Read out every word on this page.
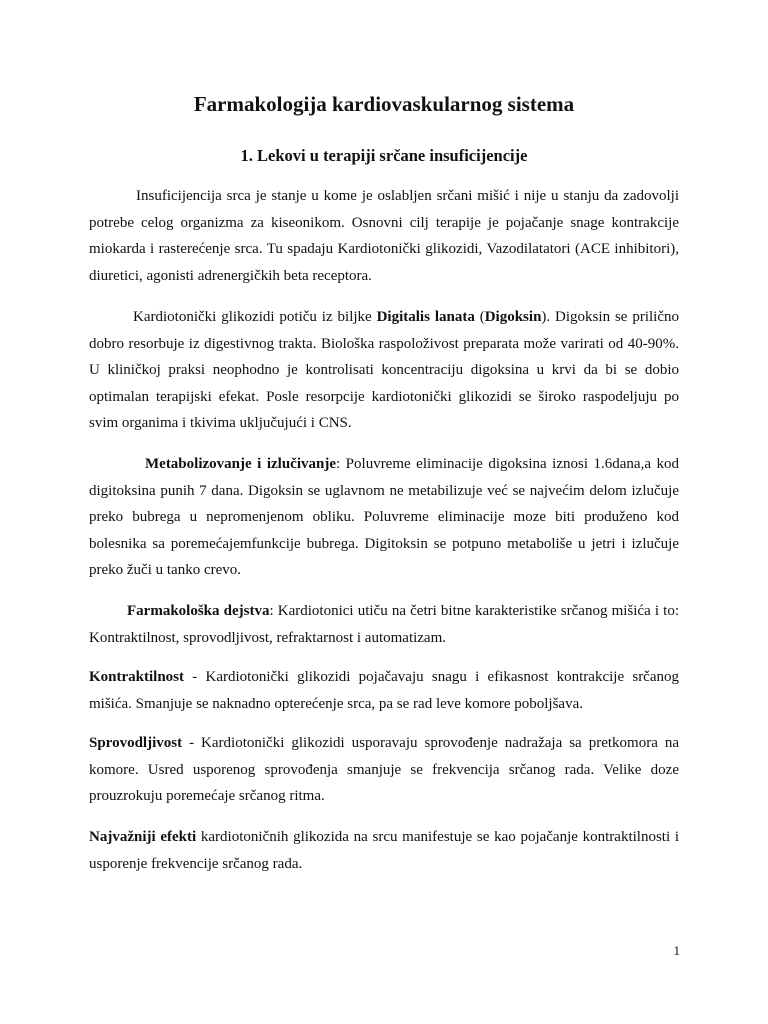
Farmakologija kardiovaskularnog sistema
1. Lekovi u terapiji srčane insuficijencije

Insuficijencija srca je stanje u kome je oslabljen srčani mišić i nije u stanju da zadovolji potrebe celog organizma za kiseonikom. Osnovni cilj terapije je pojačanje snage kontrakcije miokarda i rasterećenje srca. Tu spadaju Kardiotonički glikozidi, Vazodilatatori (ACE inhibitori), diuretici, agonisti adrenergičkih beta receptora.

Kardiotonički glikozidi potiču iz biljke Digitalis lanata (Digoksin). Digoksin se prilično dobro resorbuje iz digestivnog trakta. Biološka raspoloživost preparata može varirati od 40-90%. U kliničkoj praksi neophodno je kontrolisati koncentraciju digoksina u krvi da bi se dobio optimalan terapijski efekat. Posle resorpcije kardiotonički glikozidi se široko raspodeljuju po svim organima i tkivima uključujući i CNS.

Metabolizovanje i izlučivanje: Poluvreme eliminacije digoksina iznosi 1.6dana,a kod digitoksina punih 7 dana. Digoksin se uglavnom ne metabilizuje već se najvećim delom izlučuje preko bubrega u nepromenjenom obliku. Poluvreme eliminacije moze biti produženo kod bolesnika sa poremećajemfunkcije bubrega. Digitoksin se potpuno metaboliše u jetri i izlučuje preko žuči u tanko crevo.

Farmakološka dejstva: Kardiotonici utiču na četri bitne karakteristike srčanog mišića i to: Kontraktilnost, sprovodljivost, refraktarnost i automatizam.

Kontraktilnost - Kardiotonički glikozidi pojačavaju snagu i efikasnost kontrakcije srčanog mišića. Smanjuje se naknadno opterećenje srca, pa se rad leve komore poboljšava.

Sprovodljivost - Kardiotonički glikozidi usporavaju sprovođenje nadražaja sa pretkomora na komore. Usred usporenog sprovođenja smanjuje se frekvencija srčanog rada. Velike doze prouzrokuju poremećaje srčanog ritma.

Najvažniji efekti kardiotoničnih glikozida na srcu manifestuje se kao pojačanje kontraktilnosti i usporenje frekvencije srčanog rada.

1
